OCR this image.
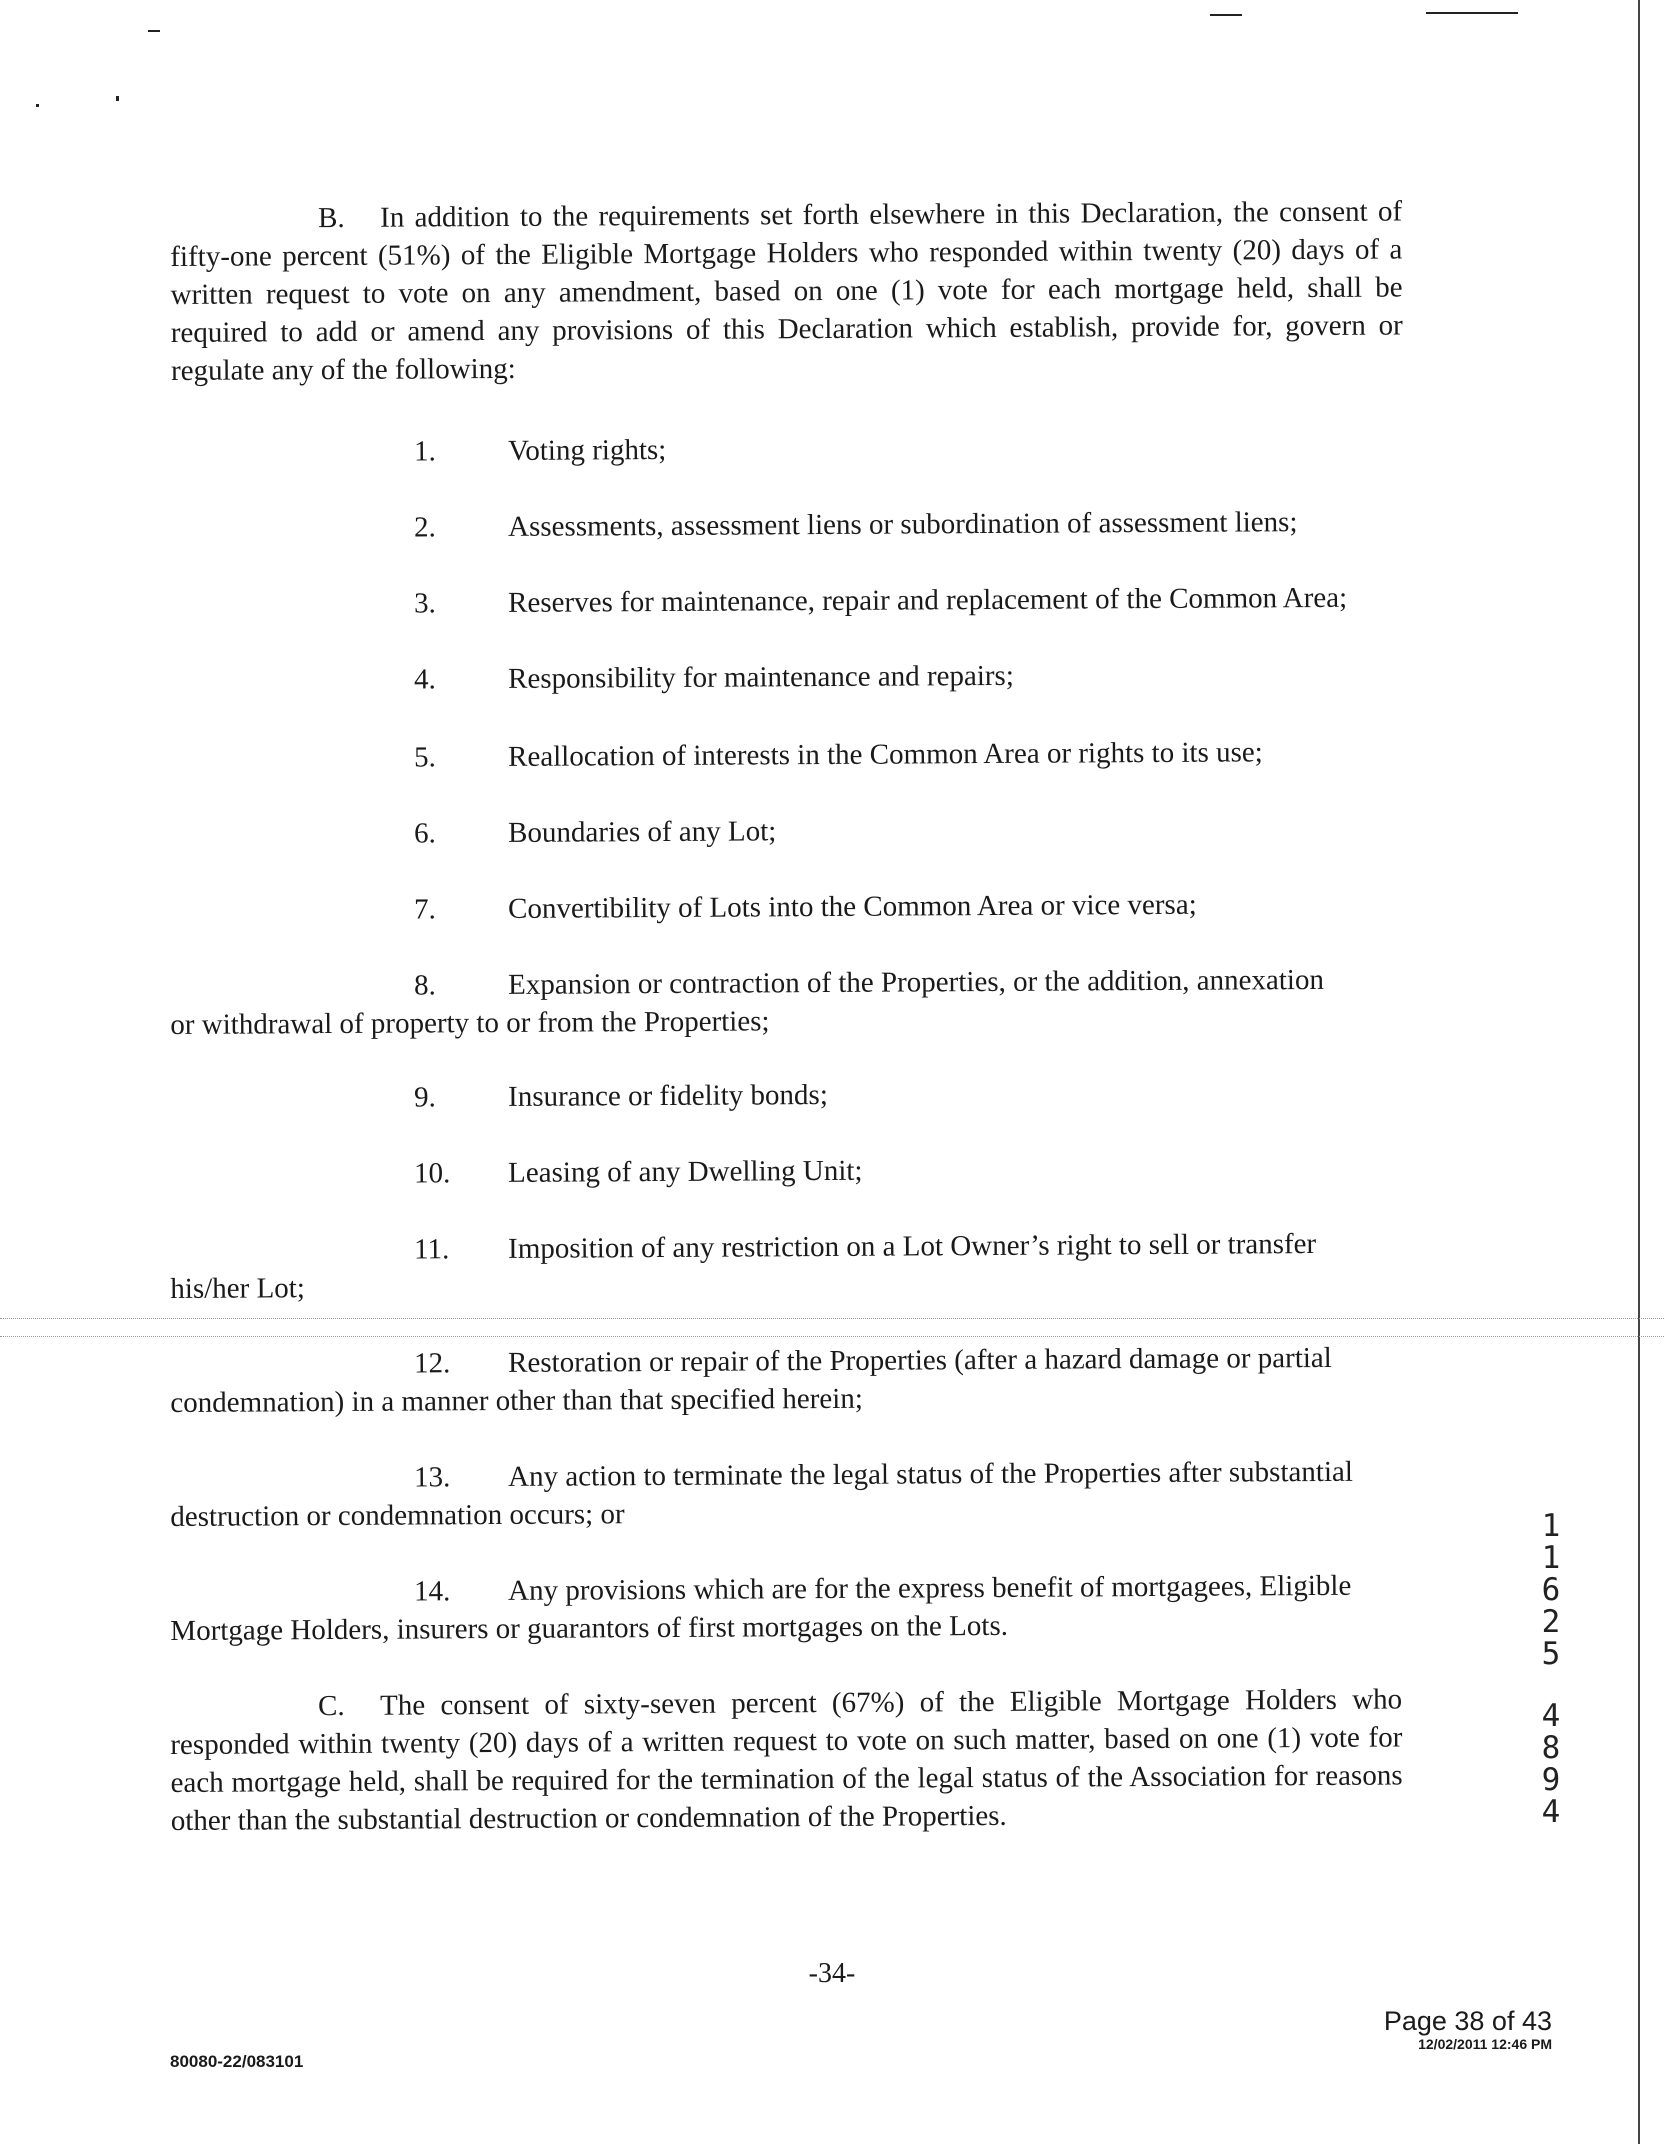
B. In addition to the requirements set forth elsewhere in this Declaration, the consent of fifty-one percent (51%) of the Eligible Mortgage Holders who responded within twenty (20) days of a written request to vote on any amendment, based on one (1) vote for each mortgage held, shall be required to add or amend any provisions of this Declaration which establish, provide for, govern or regulate any of the following:

1.	Voting rights;
2.	Assessments, assessment liens or subordination of assessment liens;
3.	Reserves for maintenance, repair and replacement of the Common Area;
4.	Responsibility for maintenance and repairs;
5.	Reallocation of interests in the Common Area or rights to its use;
6.	Boundaries of any Lot;
7.	Convertibility of Lots into the Common Area or vice versa;
8.	Expansion or contraction of the Properties, or the addition, annexation
or withdrawal of property to or from the Properties;
9.	Insurance or fidelity bonds;
10.	Leasing of any Dwelling Unit;
11.	Imposition of any restriction on a Lot Owner’s right to sell or transfer
his/her Lot;
12.	Restoration or repair of the Properties (after a hazard damage or partial
condemnation) in a manner other than that specified herein;
13.	Any action to terminate the legal status of the Properties after substantial
destruction or condemnation occurs; or
14.	Any provisions which are for the express benefit of mortgagees, Eligible
Mortgage Holders, insurers or guarantors of first mortgages on the Lots.

C. The consent of sixty-seven percent (67%) of the Eligible Mortgage Holders who responded within twenty (20) days of a written request to vote on such matter, based on one (1) vote for each mortgage held, shall be required for the termination of the legal status of the Association for reasons other than the substantial destruction or condemnation of the Properties.

1
1
6
2
5
4
8
9
4
-34-
80080-22/083101
Page 38 of 43
12/02/2011 12:46 PM
